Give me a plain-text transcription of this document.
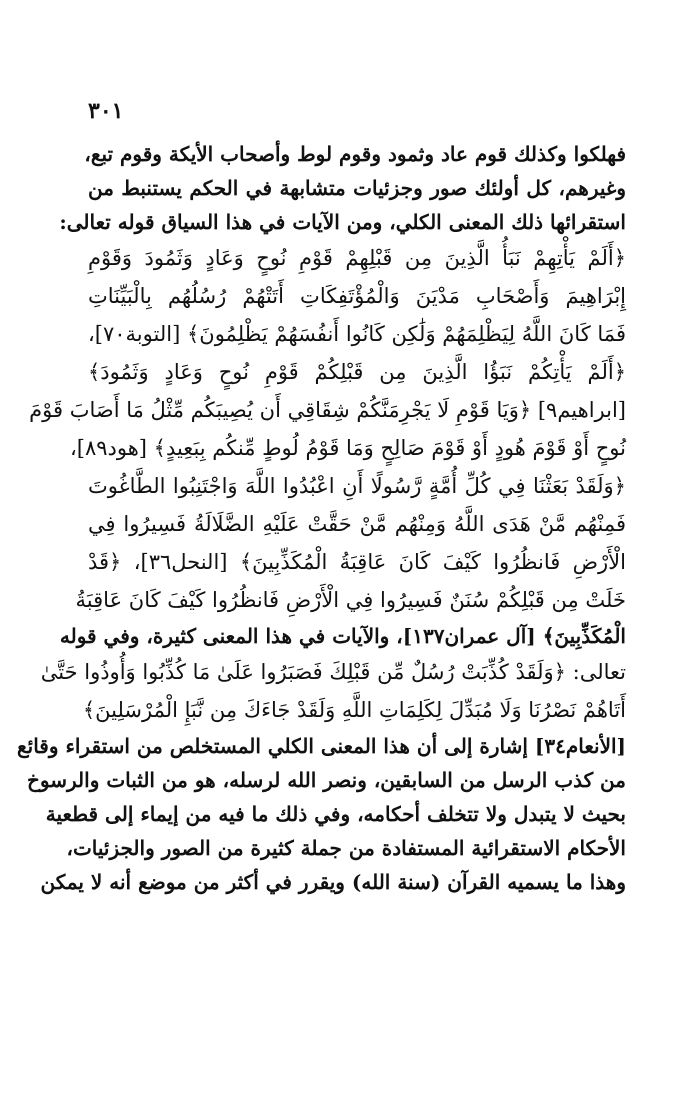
٣٠١
فهلكوا وكذلك قوم عاد وثمود وقوم لوط وأصحاب الأيكة وقوم تبع،
وغيرهم، كل أولئك صور وجزئيات متشابهة في الحكم يستنبط من
استقرائها ذلك المعنى الكلي، ومن الآيات في هذا السياق قوله تعالى:
﴿أَلَمْ يَأْتِهِمْ نَبَأُ الَّذِينَ مِن قَبْلِهِمْ قَوْمِ نُوحٍ وَعَادٍ وَثَمُودَ وَقَوْمِ
إِبْرَاهِيمَ وَأَصْحَابِ مَدْيَنَ وَالْمُؤْتَفِكَاتِ أَتَتْهُمْ رُسُلُهُم بِالْبَيِّنَاتِ
فَمَا كَانَ اللَّهُ لِيَظْلِمَهُمْ وَلَٰكِن كَانُوا أَنفُسَهُمْ يَظْلِمُونَ﴾ [التوبة٧٠]،
﴿أَلَمْ يَأْتِكُمْ نَبَؤُا الَّذِينَ مِن قَبْلِكُمْ قَوْمِ نُوحٍ وَعَادٍ وَثَمُودَ﴾
[ابراهيم٩] ﴿وَيَا قَوْمِ لَا يَجْرِمَنَّكُمْ شِقَاقِي أَن يُصِيبَكُم مِّثْلُ مَا أَصَابَ قَوْمَ
نُوحٍ أَوْ قَوْمَ هُودٍ أَوْ قَوْمَ صَالِحٍ وَمَا قَوْمُ لُوطٍ مِّنكُم بِبَعِيدٍ﴾ [هود٨٩]،
﴿وَلَقَدْ بَعَثْنَا فِي كُلِّ أُمَّةٍ رَّسُولًا أَنِ اعْبُدُوا اللَّهَ وَاجْتَنِبُوا الطَّاغُوتَ
فَمِنْهُم مَّنْ هَدَى اللَّهُ وَمِنْهُم مَّنْ حَقَّتْ عَلَيْهِ الضَّلَالَةُ فَسِيرُوا فِي
الْأَرْضِ فَانظُرُوا كَيْفَ كَانَ عَاقِبَةُ الْمُكَذِّبِينَ﴾ [النحل٣٦]، ﴿قَدْ
خَلَتْ مِن قَبْلِكُمْ سُنَنٌ فَسِيرُوا فِي الْأَرْضِ فَانظُرُوا كَيْفَ كَانَ عَاقِبَةُ
الْمُكَذِّبِينَ﴾ [آل عمران١٣٧]، والآيات في هذا المعنى كثيرة، وفي قوله
تعالى: ﴿وَلَقَدْ كُذِّبَتْ رُسُلٌ مِّن قَبْلِكَ فَصَبَرُوا عَلَىٰ مَا كُذِّبُوا وَأُوذُوا حَتَّىٰ
أَتَاهُمْ نَصْرُنَا وَلَا مُبَدِّلَ لِكَلِمَاتِ اللَّهِ وَلَقَدْ جَاءَكَ مِن نَّبَإِ الْمُرْسَلِينَ﴾
[الأنعام٣٤] إشارة إلى أن هذا المعنى الكلي المستخلص من استقراء وقائع
من كذب الرسل من السابقين، ونصر الله لرسله، هو من الثبات والرسوخ
بحيث لا يتبدل ولا تتخلف أحكامه، وفي ذلك ما فيه من إيماء إلى قطعية
الأحكام الاستقرائية المستفادة من جملة كثيرة من الصور والجزئيات،
وهذا ما يسميه القرآن (سنة الله) ويقرر في أكثر من موضع أنه لا يمكن
